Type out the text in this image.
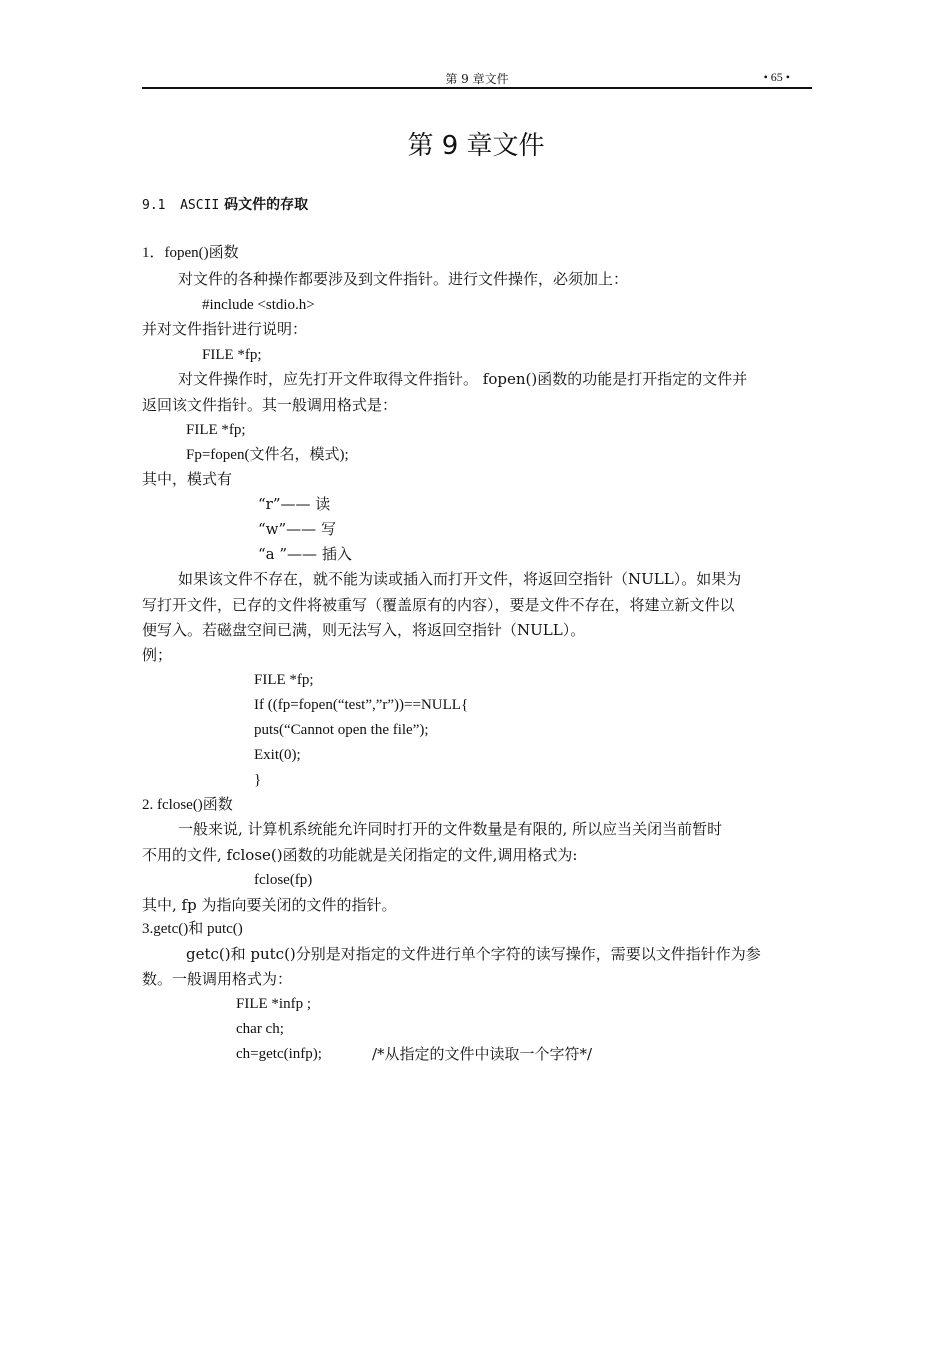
第 9 章文件	• 65 •
第 9 章文件
9.1 ASCII 码文件的存取
1．fopen()函数
对文件的各种操作都要涉及到文件指针。进行文件操作，必须加上：
#include <stdio.h>
并对文件指针进行说明：
FILE *fp;
对文件操作时，应先打开文件取得文件指针。 fopen()函数的功能是打开指定的文件并
返回该文件指针。其一般调用格式是：
FILE *fp;
Fp=fopen(文件名，模式);
其中，模式有
“r”—— 读
“w”—— 写
“a ”—— 插入
如果该文件不存在，就不能为读或插入而打开文件，将返回空指针（NULL）。如果为
写打开文件，已存的文件将被重写（覆盖原有的内容），要是文件不存在，将建立新文件以
便写入。若磁盘空间已满，则无法写入，将返回空指针（NULL）。
例；
FILE *fp;
If ((fp=fopen(“test”,”r”))==NULL{
puts(“Cannot open the file”);
Exit(0);
}
2. fclose()函数
一般来说, 计算机系统能允许同时打开的文件数量是有限的, 所以应当关闭当前暂时
不用的文件, fclose()函数的功能就是关闭指定的文件,调用格式为:
fclose(fp)
其中, fp 为指向要关闭的文件的指针。
3.getc()和 putc()
getc()和 putc()分别是对指定的文件进行单个字符的读写操作，需要以文件指针作为参
数。一般调用格式为：
FILE *infp ;
char ch;
ch=getc(infp);	/*从指定的文件中读取一个字符*/
